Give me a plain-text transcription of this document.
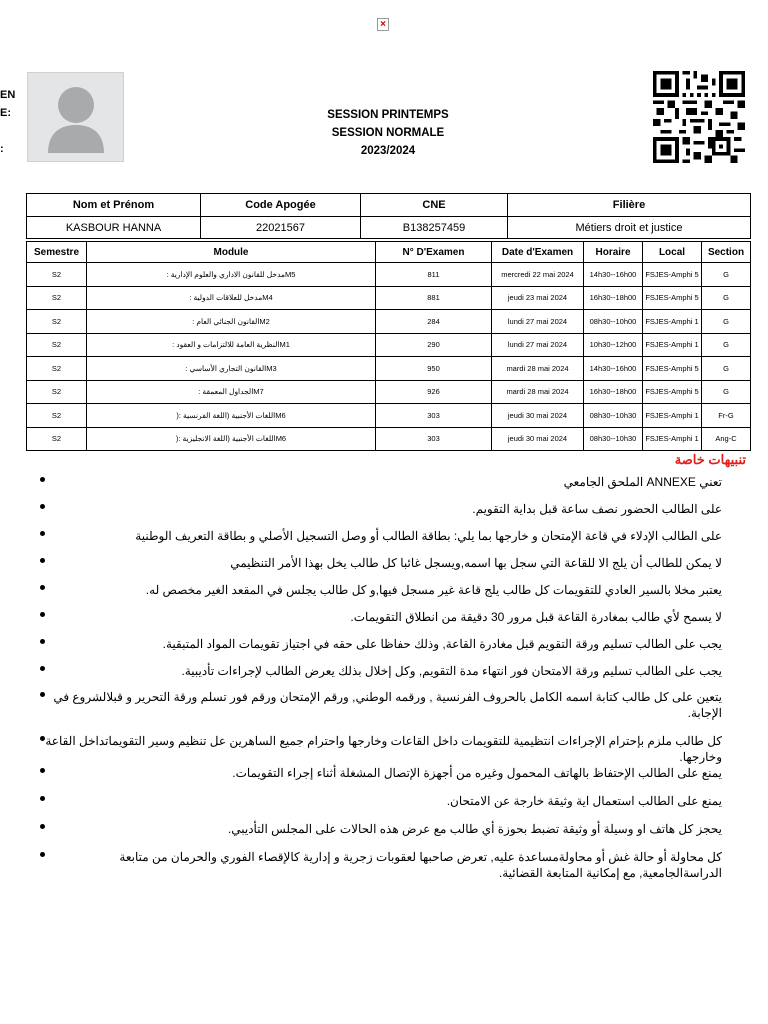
×
EN
E:
:
SESSION PRINTEMPS
SESSION NORMALE
2023/2024
Nom et Prénom	Code Apogée	CNE	Filière
KASBOUR HANNA	22021567	B138257459	Métiers droit et justice
Semestre	Module	N° D'Examen	Date d'Examen	Horaire	Local	Section
S2	M5مدخل للقانون الاداري والعلوم الإدارية :	811	mercredi 22 mai 2024	14h30--16h00	FSJES-Amphi 5	G
S2	M4مدخل للعلاقات الدولية :	881	jeudi 23 mai 2024	16h30--18h00	FSJES-Amphi 5	G
S2	M2القانون الجنائي العام :	284	lundi 27 mai 2024	08h30--10h00	FSJES-Amphi 1	G
S2	M1النظرية العامة للالتزامات و العقود :	290	lundi 27 mai 2024	10h30--12h00	FSJES-Amphi 1	G
S2	M3القانون التجاري الأساسي :	950	mardi 28 mai 2024	14h30--16h00	FSJES-Amphi 5	G
S2	M7الجداول المعمقة :	926	mardi 28 mai 2024	16h30--18h00	FSJES-Amphi 5	G
S2	M6اللغات الأجنبية (اللغة الفرنسية :(	303	jeudi 30 mai 2024	08h30--10h30	FSJES-Amphi 1	Fr-G
S2	M6اللغات الأجنبية (اللغة الانجليزية :(	303	jeudi 30 mai 2024	08h30--10h30	FSJES-Amphi 1	Ang-C
تنبيهات خاصة
تعني ANNEXE الملحق الجامعي
على الطالب الحضور نصف ساعة قبل بداية التقويم.
على الطالب الإدلاء في قاعة الإمتحان و خارجها بما يلي: بطاقة الطالب أو وصل التسجيل الأصلي و بطاقة التعريف الوطنية
لا يمكن للطالب أن يلج الا للقاعة التي سجل بها اسمه,ويسجل غائبا كل طالب يخل بهذا الأمر التنظيمي
يعتبر مخلا بالسير العادي للتقويمات كل طالب يلج قاعة غير مسجل فيها,و كل طالب يجلس في المقعد الغير مخصص له.
لا يسمح لأي طالب بمغادرة القاعة قبل مرور 30 دقيقة من انطلاق التقويمات.
يجب على الطالب تسليم ورقة التقويم قبل مغادرة القاعة, وذلك حفاظا على حقه في اجتياز تقويمات المواد المتبقية.
يجب على الطالب تسليم ورقة الامتحان فور انتهاء مدة التقويم, وكل إخلال بذلك يعرض الطالب لإجراءات تأديبية.
يتعين على كل طالب كتابة اسمه الكامل بالحروف الفرنسية , ورقمه الوطني, ورقم الإمتحان ورقم فور تسلم ورقة التحرير و قبلالشروع في الإجابة.
كل طالب ملزم بإحترام الإجراءات انتظيمية للتقويمات داخل القاعات وخارجها واحترام جميع الساهرين عل تنظيم وسير التقويماتداخل القاعة وخارجها.
يمنع على الطالب الإحتفاظ بالهاتف المحمول وغيره من أجهزة الإتصال المشغلة أثناء إجراء التقويمات.
يمنع على الطالب استعمال اية وثيقة خارجة عن الامتحان.
يحجز كل هاتف او وسيلة أو وثيقة تضبط بحوزة أي طالب مع عرض هذه الحالات على المجلس التأديبي.
كل محاولة أو حالة غش أو محاولةمساعدة عليه, تعرض صاحبها لعقوبات زجرية و إدارية كالإقصاء الفوري والحرمان من متابعة الدراسةالجامعية, مع إمكانية المتابعة القضائية.
